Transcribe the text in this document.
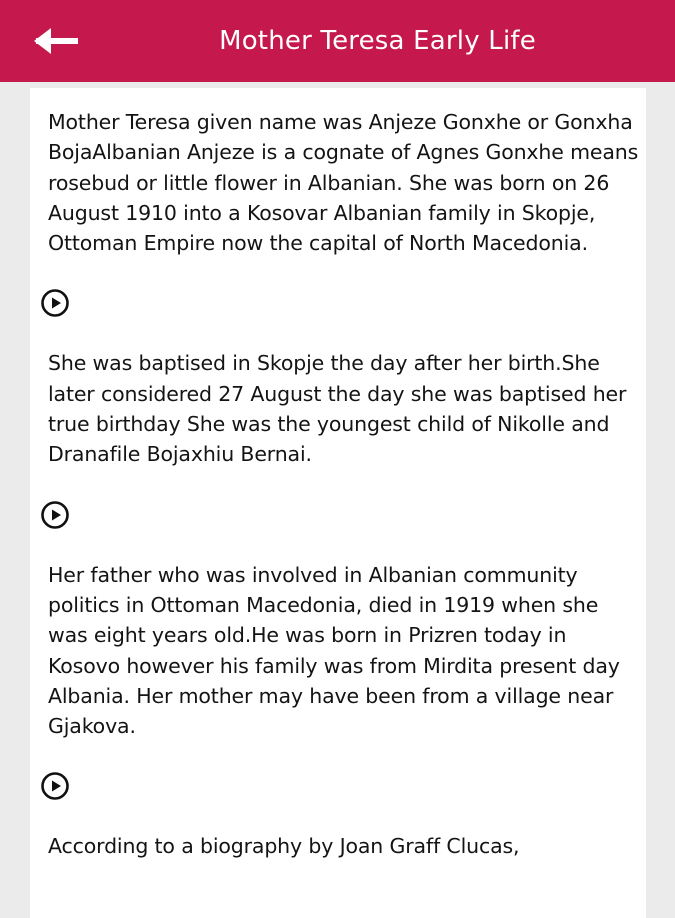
Mother Teresa Early Life

Mother Teresa given name was Anjeze Gonxhe or Gonxha BojaAlbanian Anjeze is a cognate of Agnes Gonxhe means rosebud or little flower in Albanian. She was born on 26 August 1910 into a Kosovar Albanian family in Skopje, Ottoman Empire now the capital of North Macedonia.

She was baptised in Skopje the day after her birth.She later considered 27 August the day she was baptised her true birthday She was the youngest child of Nikolle and Dranafile Bojaxhiu Bernai.

Her father who was involved in Albanian community politics in Ottoman Macedonia, died in 1919 when she was eight years old.He was born in Prizren today in Kosovo however his family was from Mirdita present day Albania. Her mother may have been from a village near Gjakova.

According to a biography by Joan Graff Clucas,
